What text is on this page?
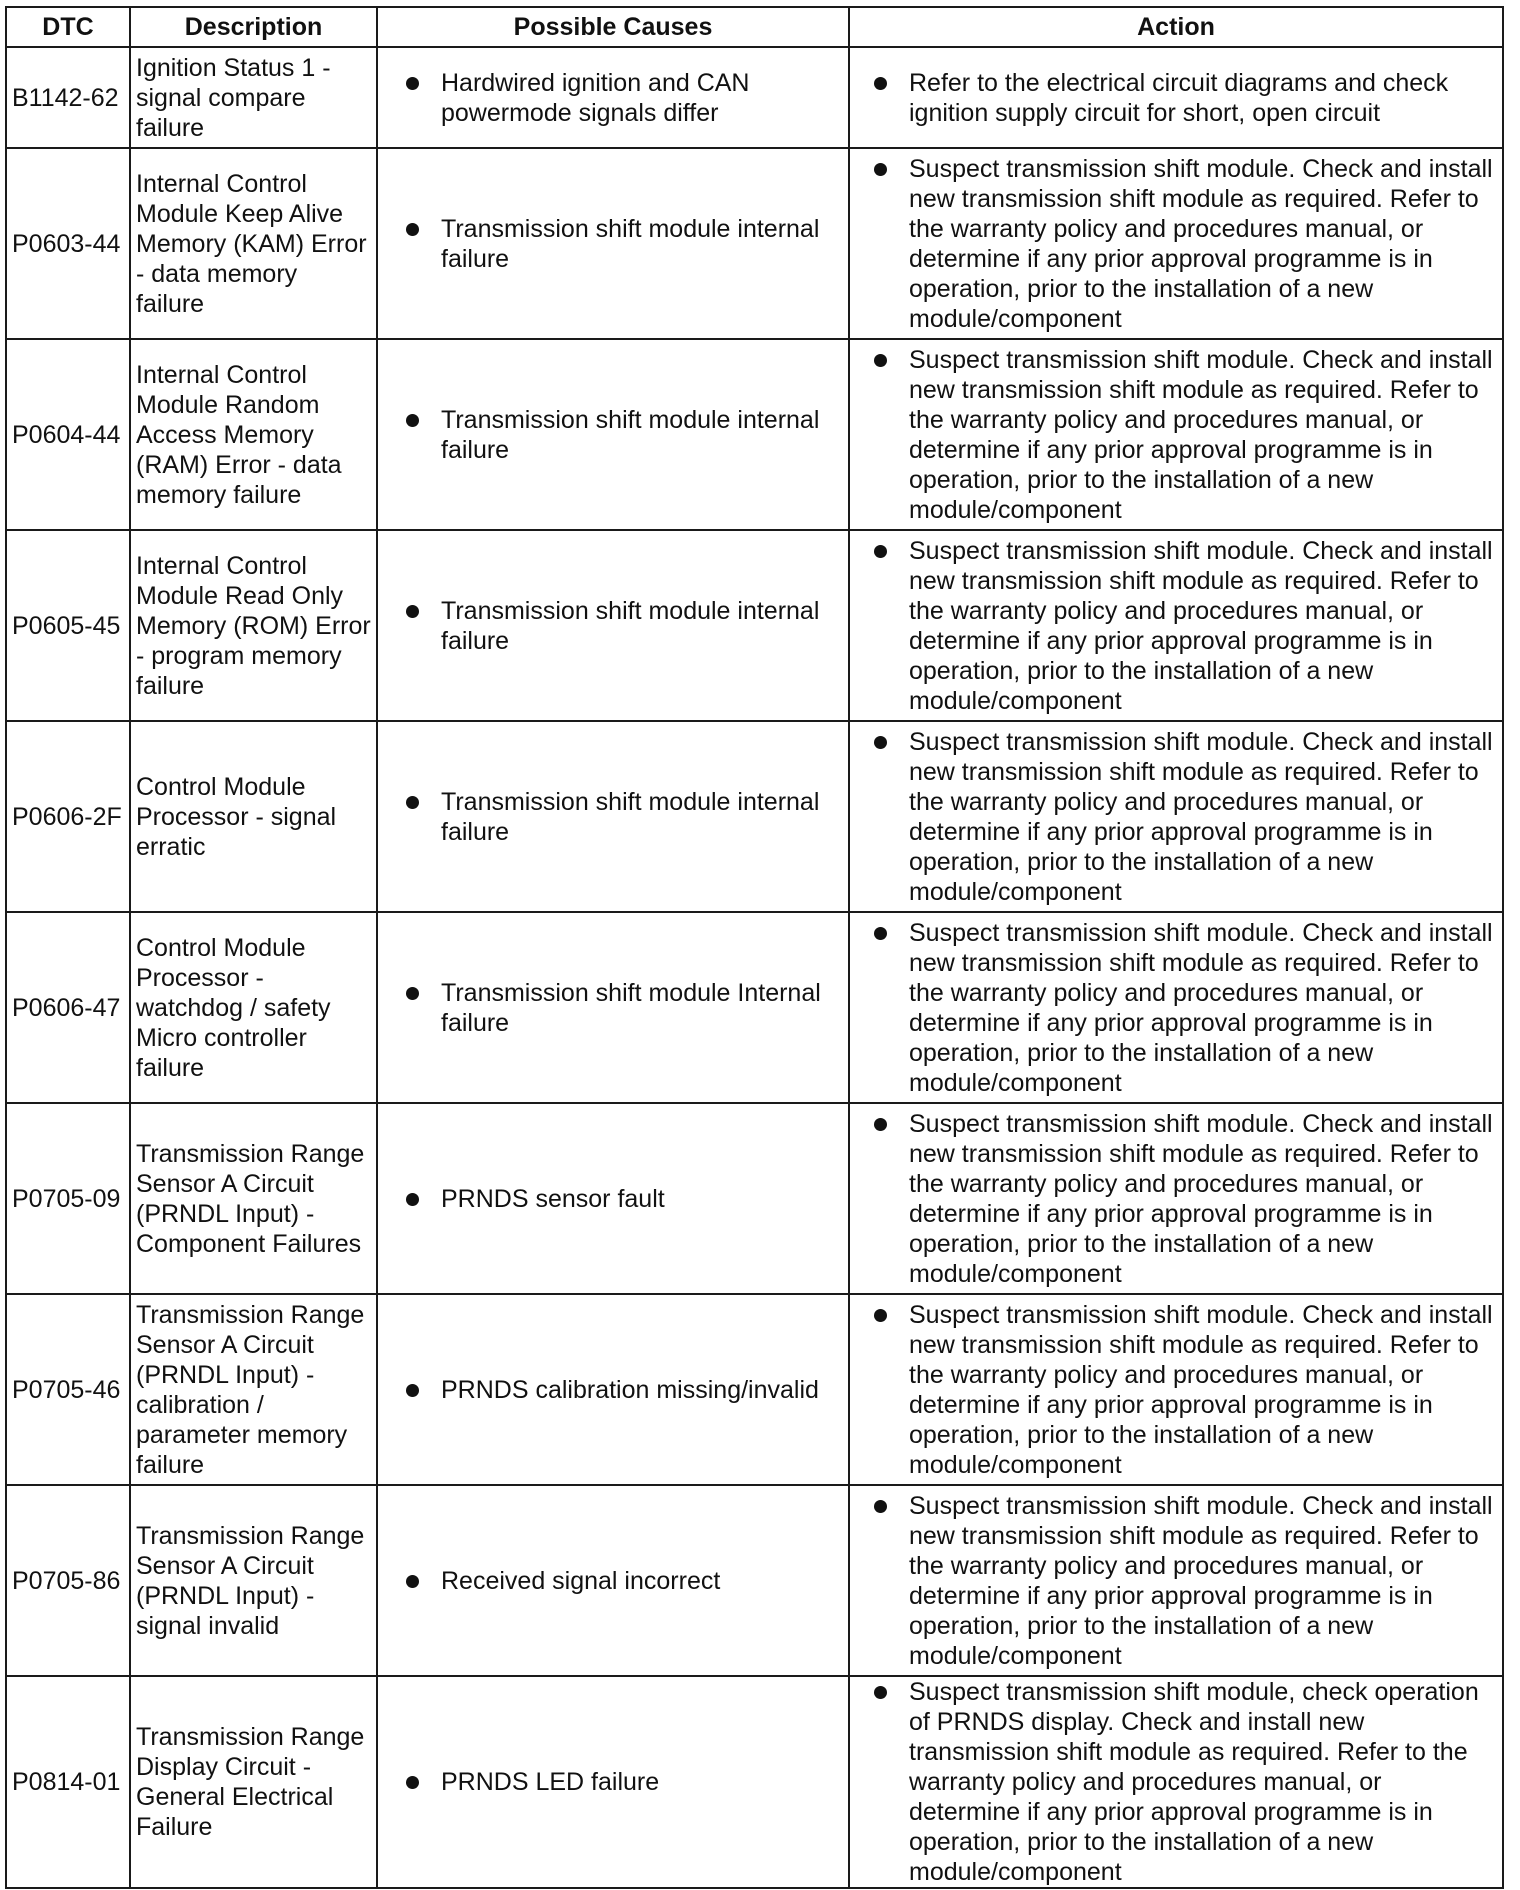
DTC	Description	Possible Causes	Action
B1142-62	Ignition Status 1 - signal compare failure	Hardwired ignition and CAN powermode signals differ	Refer to the electrical circuit diagrams and check ignition supply circuit for short, open circuit

P0603-44	Internal Control Module Keep Alive Memory (KAM) Error - data memory failure	Transmission shift module internal failure	Suspect transmission shift module. Check and install new transmission shift module as required. Refer to the warranty policy and procedures manual, or determine if any prior approval programme is in operation, prior to the installation of a new module/component

P0604-44	Internal Control Module Random Access Memory (RAM) Error - data memory failure	Transmission shift module internal failure	Suspect transmission shift module. Check and install new transmission shift module as required. Refer to the warranty policy and procedures manual, or determine if any prior approval programme is in operation, prior to the installation of a new module/component

P0605-45	Internal Control Module Read Only Memory (ROM) Error - program memory failure	Transmission shift module internal failure	Suspect transmission shift module. Check and install new transmission shift module as required. Refer to the warranty policy and procedures manual, or determine if any prior approval programme is in operation, prior to the installation of a new module/component

P0606-2F	Control Module Processor - signal erratic	Transmission shift module internal failure	Suspect transmission shift module. Check and install new transmission shift module as required. Refer to the warranty policy and procedures manual, or determine if any prior approval programme is in operation, prior to the installation of a new module/component

P0606-47	Control Module Processor - watchdog / safety Micro controller failure	Transmission shift module Internal failure	Suspect transmission shift module. Check and install new transmission shift module as required. Refer to the warranty policy and procedures manual, or determine if any prior approval programme is in operation, prior to the installation of a new module/component

P0705-09	Transmission Range Sensor A Circuit (PRNDL Input) - Component Failures	PRNDS sensor fault	Suspect transmission shift module. Check and install new transmission shift module as required. Refer to the warranty policy and procedures manual, or determine if any prior approval programme is in operation, prior to the installation of a new module/component

P0705-46	Transmission Range Sensor A Circuit (PRNDL Input) - calibration / parameter memory failure	PRNDS calibration missing/invalid	Suspect transmission shift module. Check and install new transmission shift module as required. Refer to the warranty policy and procedures manual, or determine if any prior approval programme is in operation, prior to the installation of a new module/component

P0705-86	Transmission Range Sensor A Circuit (PRNDL Input) - signal invalid	Received signal incorrect	Suspect transmission shift module. Check and install new transmission shift module as required. Refer to the warranty policy and procedures manual, or determine if any prior approval programme is in operation, prior to the installation of a new module/component

P0814-01	Transmission Range Display Circuit - General Electrical Failure	PRNDS LED failure	Suspect transmission shift module, check operation of PRNDS display. Check and install new transmission shift module as required. Refer to the warranty policy and procedures manual, or determine if any prior approval programme is in operation, prior to the installation of a new module/component
